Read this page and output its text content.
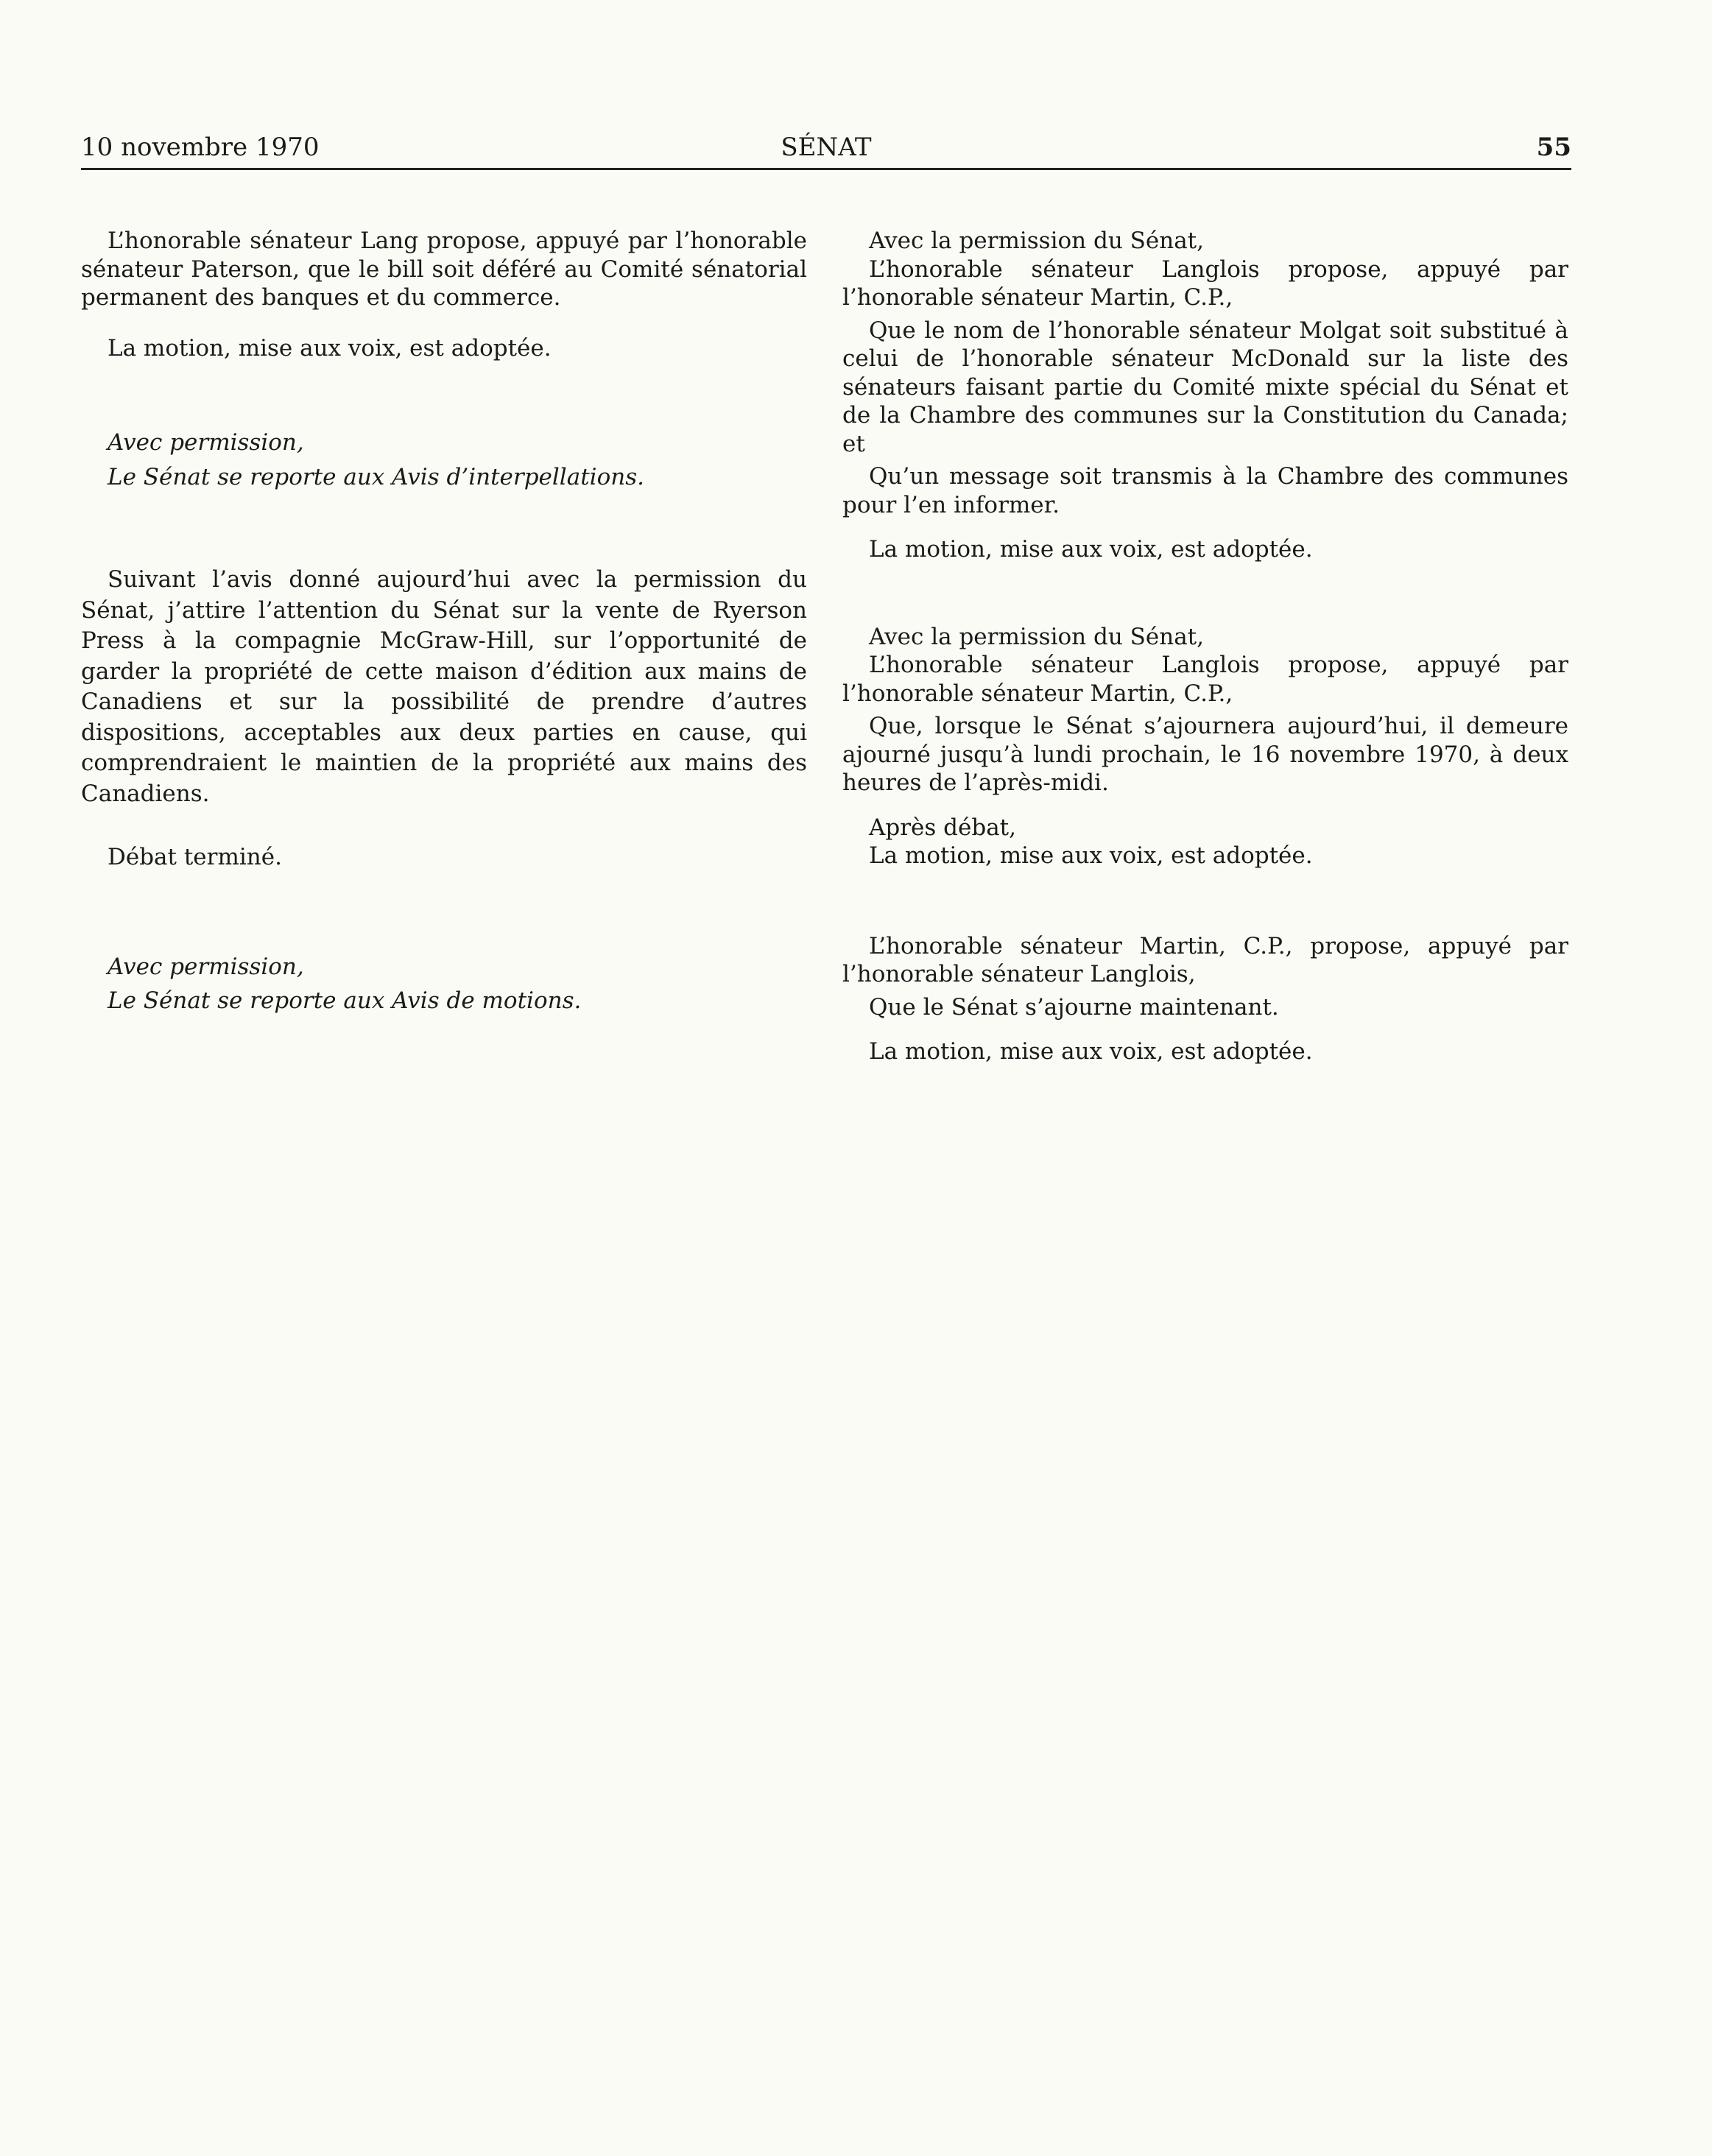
SÉNAT
10 novembre 1970	55

L’honorable sénateur Lang propose, appuyé par l’honorable sénateur Paterson, que le bill soit déféré au Comité sénatorial permanent des banques et du commerce.

La motion, mise aux voix, est adoptée.

Avec permission,

Le Sénat se reporte aux Avis d’interpellations.

Suivant l’avis donné aujourd’hui avec la permission du Sénat, j’attire l’attention du Sénat sur la vente de Ryerson Press à la compagnie McGraw-Hill, sur l’opportunité de garder la propriété de cette maison d’édition aux mains de Canadiens et sur la possibilité de prendre d’autres dispositions, acceptables aux deux parties en cause, qui comprendraient le maintien de la propriété aux mains des Canadiens.

Débat terminé.

Avec permission,

Le Sénat se reporte aux Avis de motions.

Avec la permission du Sénat,

L’honorable sénateur Langlois propose, appuyé par l’honorable sénateur Martin, C.P.,

Que le nom de l’honorable sénateur Molgat soit substitué à celui de l’honorable sénateur McDonald sur la liste des sénateurs faisant partie du Comité mixte spécial du Sénat et de la Chambre des communes sur la Constitution du Canada; et

Qu’un message soit transmis à la Chambre des communes pour l’en informer.

La motion, mise aux voix, est adoptée.

Avec la permission du Sénat,

L’honorable sénateur Langlois propose, appuyé par l’honorable sénateur Martin, C.P.,

Que, lorsque le Sénat s’ajournera aujourd’hui, il demeure ajourné jusqu’à lundi prochain, le 16 novembre 1970, à deux heures de l’après-midi.

Après débat,

La motion, mise aux voix, est adoptée.

L’honorable sénateur Martin, C.P., propose, appuyé par l’honorable sénateur Langlois,

Que le Sénat s’ajourne maintenant.

La motion, mise aux voix, est adoptée.
